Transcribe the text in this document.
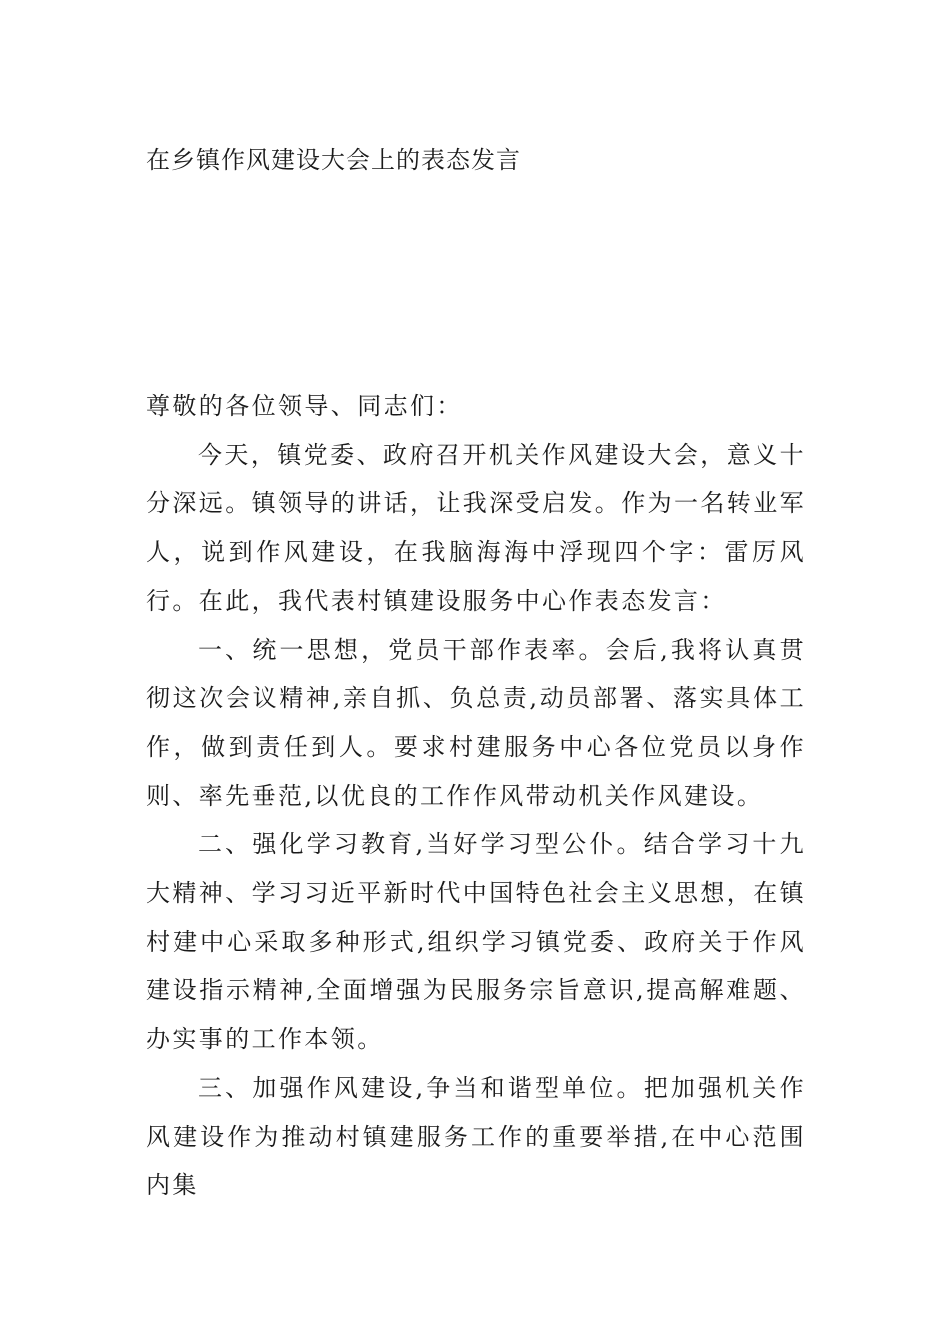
在乡镇作风建设大会上的表态发言

尊敬的各位领导、同志们：

今天，镇党委、政府召开机关作风建设大会，意义十分深远。镇领导的讲话，让我深受启发。作为一名转业军人，说到作风建设，在我脑海海中浮现四个字：雷厉风行。在此，我代表村镇建设服务中心作表态发言：

一、统一思想，党员干部作表率。会后,我将认真贯彻这次会议精神,亲自抓、负总责,动员部署、落实具体工作，做到责任到人。要求村建服务中心各位党员以身作则、率先垂范,以优良的工作作风带动机关作风建设。

二、强化学习教育,当好学习型公仆。结合学习十九大精神、学习习近平新时代中国特色社会主义思想，在镇村建中心采取多种形式,组织学习镇党委、政府关于作风建设指示精神,全面增强为民服务宗旨意识,提高解难题、办实事的工作本领。

三、加强作风建设,争当和谐型单位。把加强机关作风建设作为推动村镇建服务工作的重要举措,在中心范围内集
